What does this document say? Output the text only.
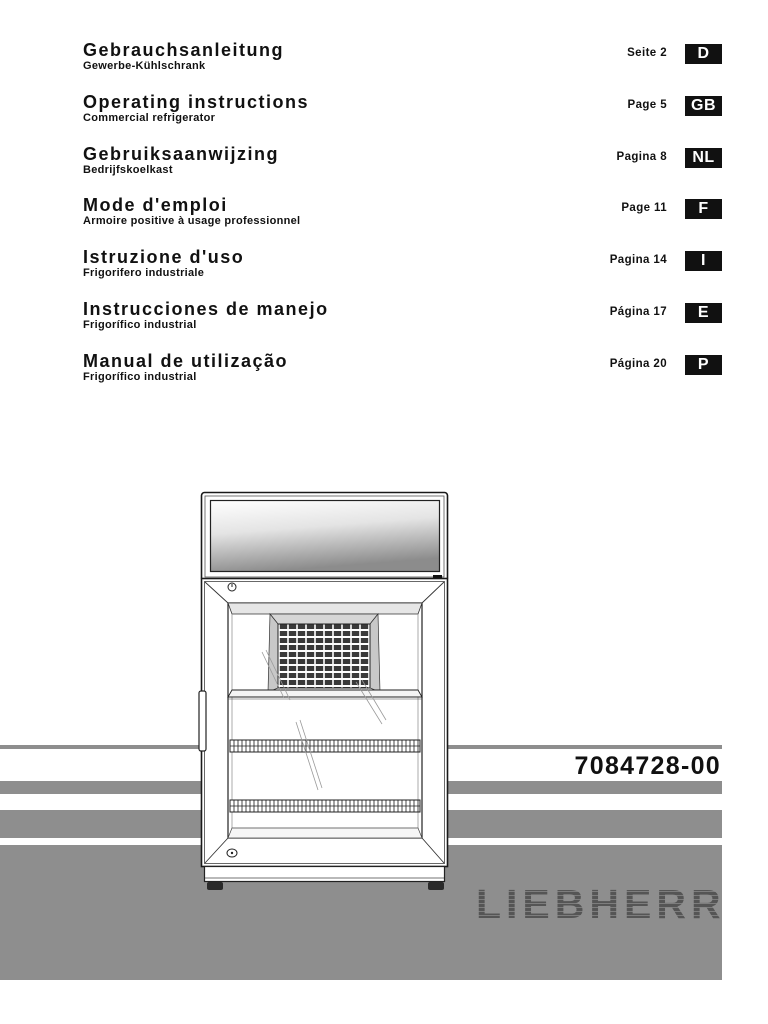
Gebrauchsanleitung
Gewerbe-Kühlschrank
Seite 2	D
Operating instructions
Commercial refrigerator
Page 5	GB
Gebruiksaanwijzing
Bedrijfskoelkast
Pagina 8	NL
Mode d'emploi
Armoire positive à usage professionnel
Page 11	F
Istruzione d'uso
Frigorifero industriale
Pagina 14	I
Instrucciones de manejo
Frigorífico industrial
Página 17	E
Manual de utilização
Frigorífico industrial
Página 20	P
7084728-00
LIEBHERR
